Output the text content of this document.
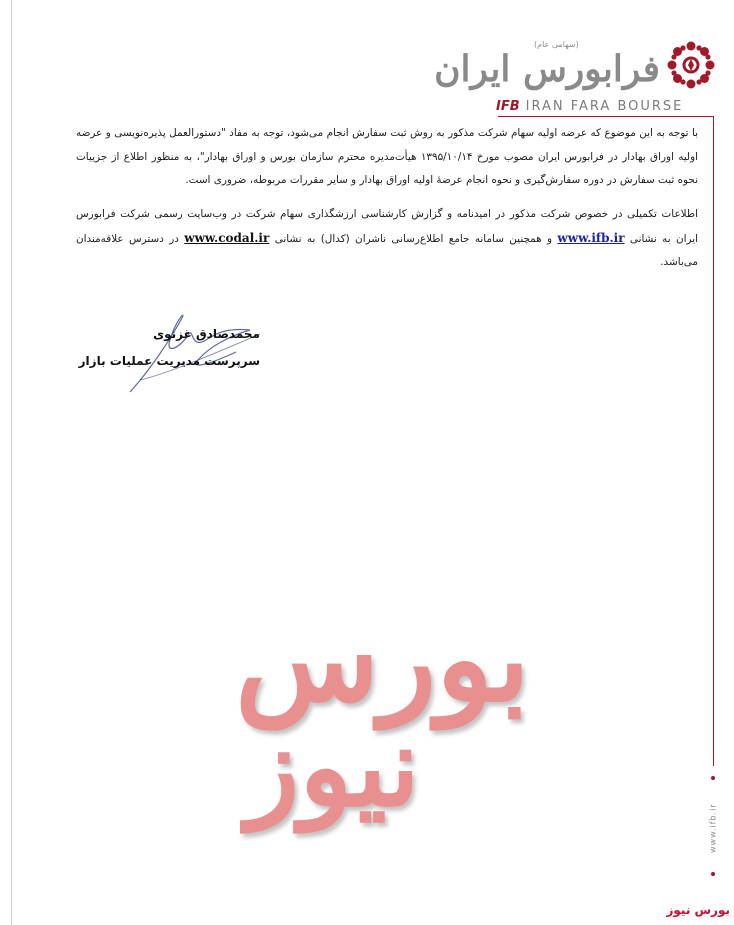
(سهامی عام)
فرابورس ایران
IFB IRAN FARA BOURSE
www.ifb.ir

با توجه به این موضوع که عرضه اولیه سهام شرکت مذکور به روش ثبت سفارش انجام می‌شود، توجه به مفاد "دستورالعمل پذیره‌نویسی و عرضه اولیه اوراق بهادار در فرابورس ایران مصوب مورخ ۱۳۹۵/۱۰/۱۴ هیأت‌مدیره محترم سازمان بورس و اوراق بهادار"، به منظور اطلاع از جزییات نحوه ثبت سفارش در دوره سفارش‌گیری و نحوه انجام عرضهٔ اولیه اوراق بهادار و سایر مقررات مربوطه، ضروری است.

اطلاعات تکمیلی در خصوص شرکت مذکور در امیدنامه و گزارش کارشناسی ارزشگذاری سهام شرکت در وب‌سایت رسمی شرکت فرابورس ایران به نشانی www.ifb.ir و همچنین سامانه جامع اطلاع‌رسانی ناشران (کدال) به نشانی www.codal.ir در دسترس علاقه‌مندان می‌باشد.

محمدصادق غزنوی
سرپرست مدیریت عملیات بازار
بورس
نیوز
بورس نیوز
